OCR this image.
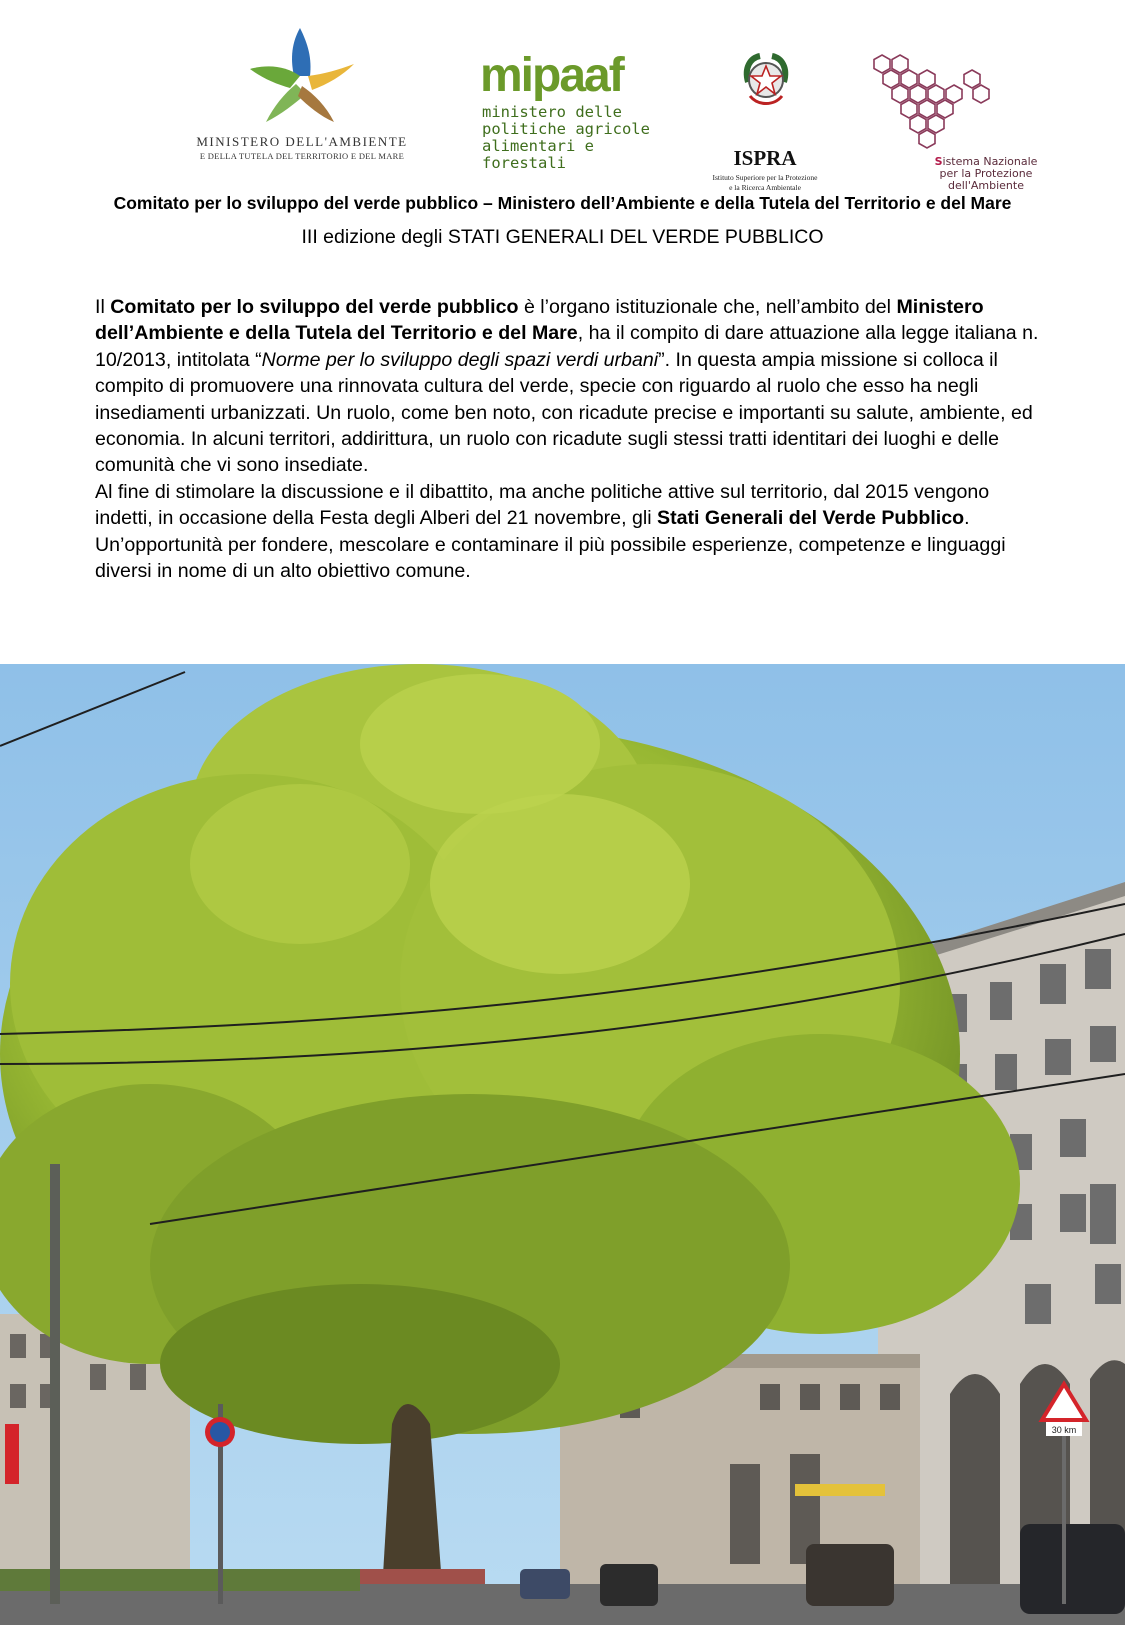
MINISTERO DELL'AMBIENTE
E DELLA TUTELA DEL TERRITORIO E DEL MARE
mipaaf
ministero delle
politiche agricole
alimentari e forestali	ISPRA
Istituto Superiore per la Protezione
e la Ricerca Ambientale
Sistema Nazionale
per la Protezione
dell'Ambiente
Comitato per lo sviluppo del verde pubblico – Ministero dell’Ambiente e della Tutela del Territorio e del Mare
III edizione degli STATI GENERALI DEL VERDE PUBBLICO

Il Comitato per lo sviluppo del verde pubblico è l’organo istituzionale che, nell’ambito del Ministero dell’Ambiente e della Tutela del Territorio e del Mare, ha il compito di dare attuazione alla legge italiana n. 10/2013, intitolata “Norme per lo sviluppo degli spazi verdi urbani”. In questa ampia missione si colloca il compito di promuovere una rinnovata cultura del verde, specie con riguardo al ruolo che esso ha negli insediamenti urbanizzati. Un ruolo, come ben noto, con ricadute precise e importanti su salute, ambiente, ed economia. In alcuni territori, addirittura, un ruolo con ricadute sugli stessi tratti identitari dei luoghi e delle comunità che vi sono insediate.

Al fine di stimolare la discussione e il dibattito, ma anche politiche attive sul territorio, dal 2015 vengono indetti, in occasione della Festa degli Alberi del 21 novembre, gli Stati Generali del Verde Pubblico.

Un’opportunità per fondere, mescolare e contaminare il più possibile esperienze, competenze e linguaggi diversi in nome di un alto obiettivo comune.

30 km
